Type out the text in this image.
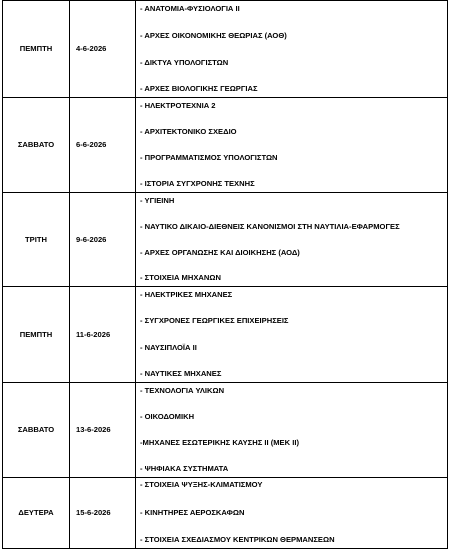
ΠΕΜΠΤΗ	4-6-2026	- ΑΝΑΤΟΜΙΑ-ΦΥΣΙΟΛΟΓΙΑ ΙΙ
- ΑΡΧΕΣ ΟΙΚΟΝΟΜΙΚΗΣ ΘΕΩΡΙΑΣ (ΑΟΘ)
- ΔΙΚΤΥΑ ΥΠΟΛΟΓΙΣΤΩΝ
- ΑΡΧΕΣ ΒΙΟΛΟΓΙΚΗΣ ΓΕΩΡΓΙΑΣ

ΣΑΒΒΑΤΟ	6-6-2026	- ΗΛΕΚΤΡΟΤΕΧΝΙΑ 2
- ΑΡΧΙΤΕΚΤΟΝΙΚΟ ΣΧΕΔΙΟ
- ΠΡΟΓΡΑΜΜΑΤΙΣΜΟΣ ΥΠΟΛΟΓΙΣΤΩΝ
- ΙΣΤΟΡΙΑ ΣΥΓΧΡΟΝΗΣ ΤΕΧΝΗΣ

ΤΡΙΤΗ	9-6-2026	- ΥΓΙΕΙΝΗ
- ΝΑΥΤΙΚΟ ΔΙΚΑΙΟ-ΔΙΕΘΝΕΙΣ ΚΑΝΟΝΙΣΜΟΙ ΣΤΗ ΝΑΥΤΙΛΙΑ-ΕΦΑΡΜΟΓΕΣ
- ΑΡΧΕΣ ΟΡΓΑΝΩΣΗΣ ΚΑΙ ΔΙΟΙΚΗΣΗΣ (ΑΟΔ)
- ΣΤΟΙΧΕΙΑ ΜΗΧΑΝΩΝ

ΠΕΜΠΤΗ	11-6-2026	- ΗΛΕΚΤΡΙΚΕΣ ΜΗΧΑΝΕΣ
- ΣΥΓΧΡΟΝΕΣ ΓΕΩΡΓΙΚΕΣ ΕΠΙΧΕΙΡΗΣΕΙΣ
- ΝΑΥΣΙΠΛΟΪΑ ΙΙ
- ΝΑΥΤΙΚΕΣ ΜΗΧΑΝΕΣ

ΣΑΒΒΑΤΟ	13-6-2026	- ΤΕΧΝΟΛΟΓΙΑ ΥΛΙΚΩΝ
- ΟΙΚΟΔΟΜΙΚΗ
-ΜΗΧΑΝΕΣ ΕΣΩΤΕΡΙΚΗΣ ΚΑΥΣΗΣ ΙΙ (ΜΕΚ ΙΙ)
- ΨΗΦΙΑΚΑ ΣΥΣΤΗΜΑΤΑ

ΔΕΥΤΕΡΑ	15-6-2026	- ΣΤΟΙΧΕΙΑ ΨΥΞΗΣ-ΚΛΙΜΑΤΙΣΜΟΥ
- ΚΙΝΗΤΗΡΕΣ ΑΕΡΟΣΚΑΦΩΝ
- ΣΤΟΙΧΕΙΑ ΣΧΕΔΙΑΣΜΟΥ ΚΕΝΤΡΙΚΩΝ ΘΕΡΜΑΝΣΕΩΝ
